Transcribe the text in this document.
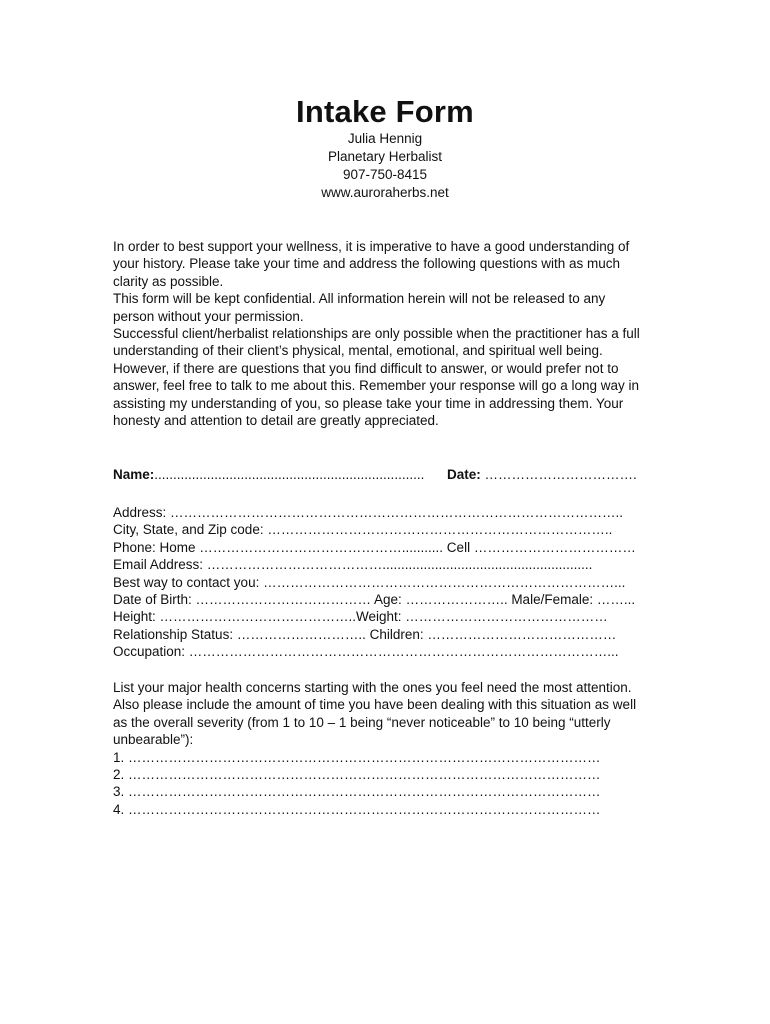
Intake Form
Julia Hennig
Planetary Herbalist
907-750-8415
www.auroraherbs.net
In order to best support your wellness, it is imperative to have a good understanding of
your history. Please take your time and address the following questions with as much
clarity as possible.
This form will be kept confidential. All information herein will not be released to any
person without your permission.
Successful client/herbalist relationships are only possible when the practitioner has a full
understanding of their client’s physical, mental, emotional, and spiritual well being.
However, if there are questions that you find difficult to answer, or would prefer not to
answer, feel free to talk to me about this. Remember your response will go a long way in
assisting my understanding of you, so please take your time in addressing them. Your
honesty and attention to detail are greatly appreciated.
Name:........................................................................ Date: …………………………….
Address: ………………………………………………………………………………………..
City, State, and Zip code: …………………………………………………………………..
Phone: Home ………………………………………........... Cell ………………………………
Email Address: …………………………………........................................................
Best way to contact you: ……………………………………………………………………...
Date of Birth: ………………………………… Age: ………………….. Male/Female: ……...
Height: ……………………………………..Weight: ………………………………………
Relationship Status: ……………………….. Children: ……………………………………
Occupation: …………………………………………………………………………………...
List your major health concerns starting with the ones you feel need the most attention.
Also please include the amount of time you have been dealing with this situation as well
as the overall severity (from 1 to 10 – 1 being “never noticeable” to 10 being “utterly
unbearable”):
1. ……………………………………………………………………………………………
2. ……………………………………………………………………………………………
3. ……………………………………………………………………………………………
4. ……………………………………………………………………………………………
